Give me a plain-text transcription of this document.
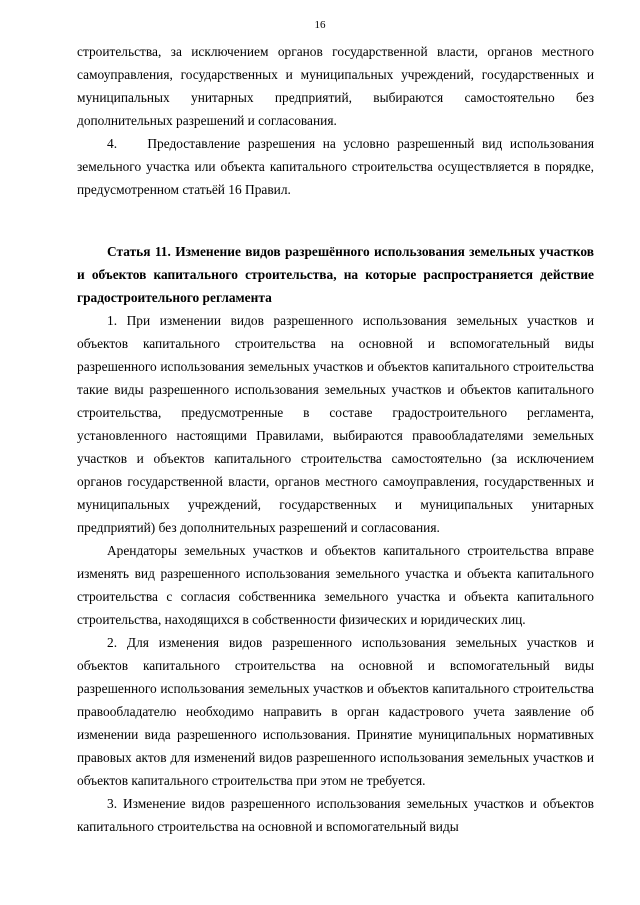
16

строительства, за исключением органов государственной власти, органов местного самоуправления, государственных и муниципальных учреждений, государственных и муниципальных унитарных предприятий, выбираются самостоятельно без дополнительных разрешений и согласования.

4.    Предоставление разрешения на условно разрешенный вид использования земельного участка или объекта капитального строительства осуществляется в порядке, предусмотренном статьёй 16 Правил.

Статья 11. Изменение видов разрешённого использования земельных участков и объектов капитального строительства, на которые распространяется действие градостроительного регламента

1. При изменении видов разрешенного использования земельных участков и объектов капитального строительства на основной и вспомогательный виды разрешенного использования земельных участков и объектов капитального строительства такие виды разрешенного использования земельных участков и объектов капитального строительства, предусмотренные в составе градостроительного регламента, установленного настоящими Правилами, выбираются правообладателями земельных участков и объектов капитального строительства самостоятельно (за исключением органов государственной власти, органов местного самоуправления, государственных и муниципальных учреждений, государственных и муниципальных унитарных предприятий) без дополнительных разрешений и согласования.

Арендаторы земельных участков и объектов капитального строительства вправе изменять вид разрешенного использования земельного участка и объекта капитального строительства с согласия собственника земельного участка и объекта капитального строительства, находящихся в собственности физических и юридических лиц.

2. Для изменения видов разрешенного использования земельных участков и объектов капитального строительства на основной и вспомогательный виды разрешенного использования земельных участков и объектов капитального строительства правообладателю необходимо направить в орган кадастрового учета заявление об изменении вида разрешенного использования. Принятие муниципальных нормативных правовых актов для изменений видов разрешенного использования земельных участков и объектов капитального строительства при этом не требуется.

3. Изменение видов разрешенного использования земельных участков и объектов капитального строительства на основной и вспомогательный виды
